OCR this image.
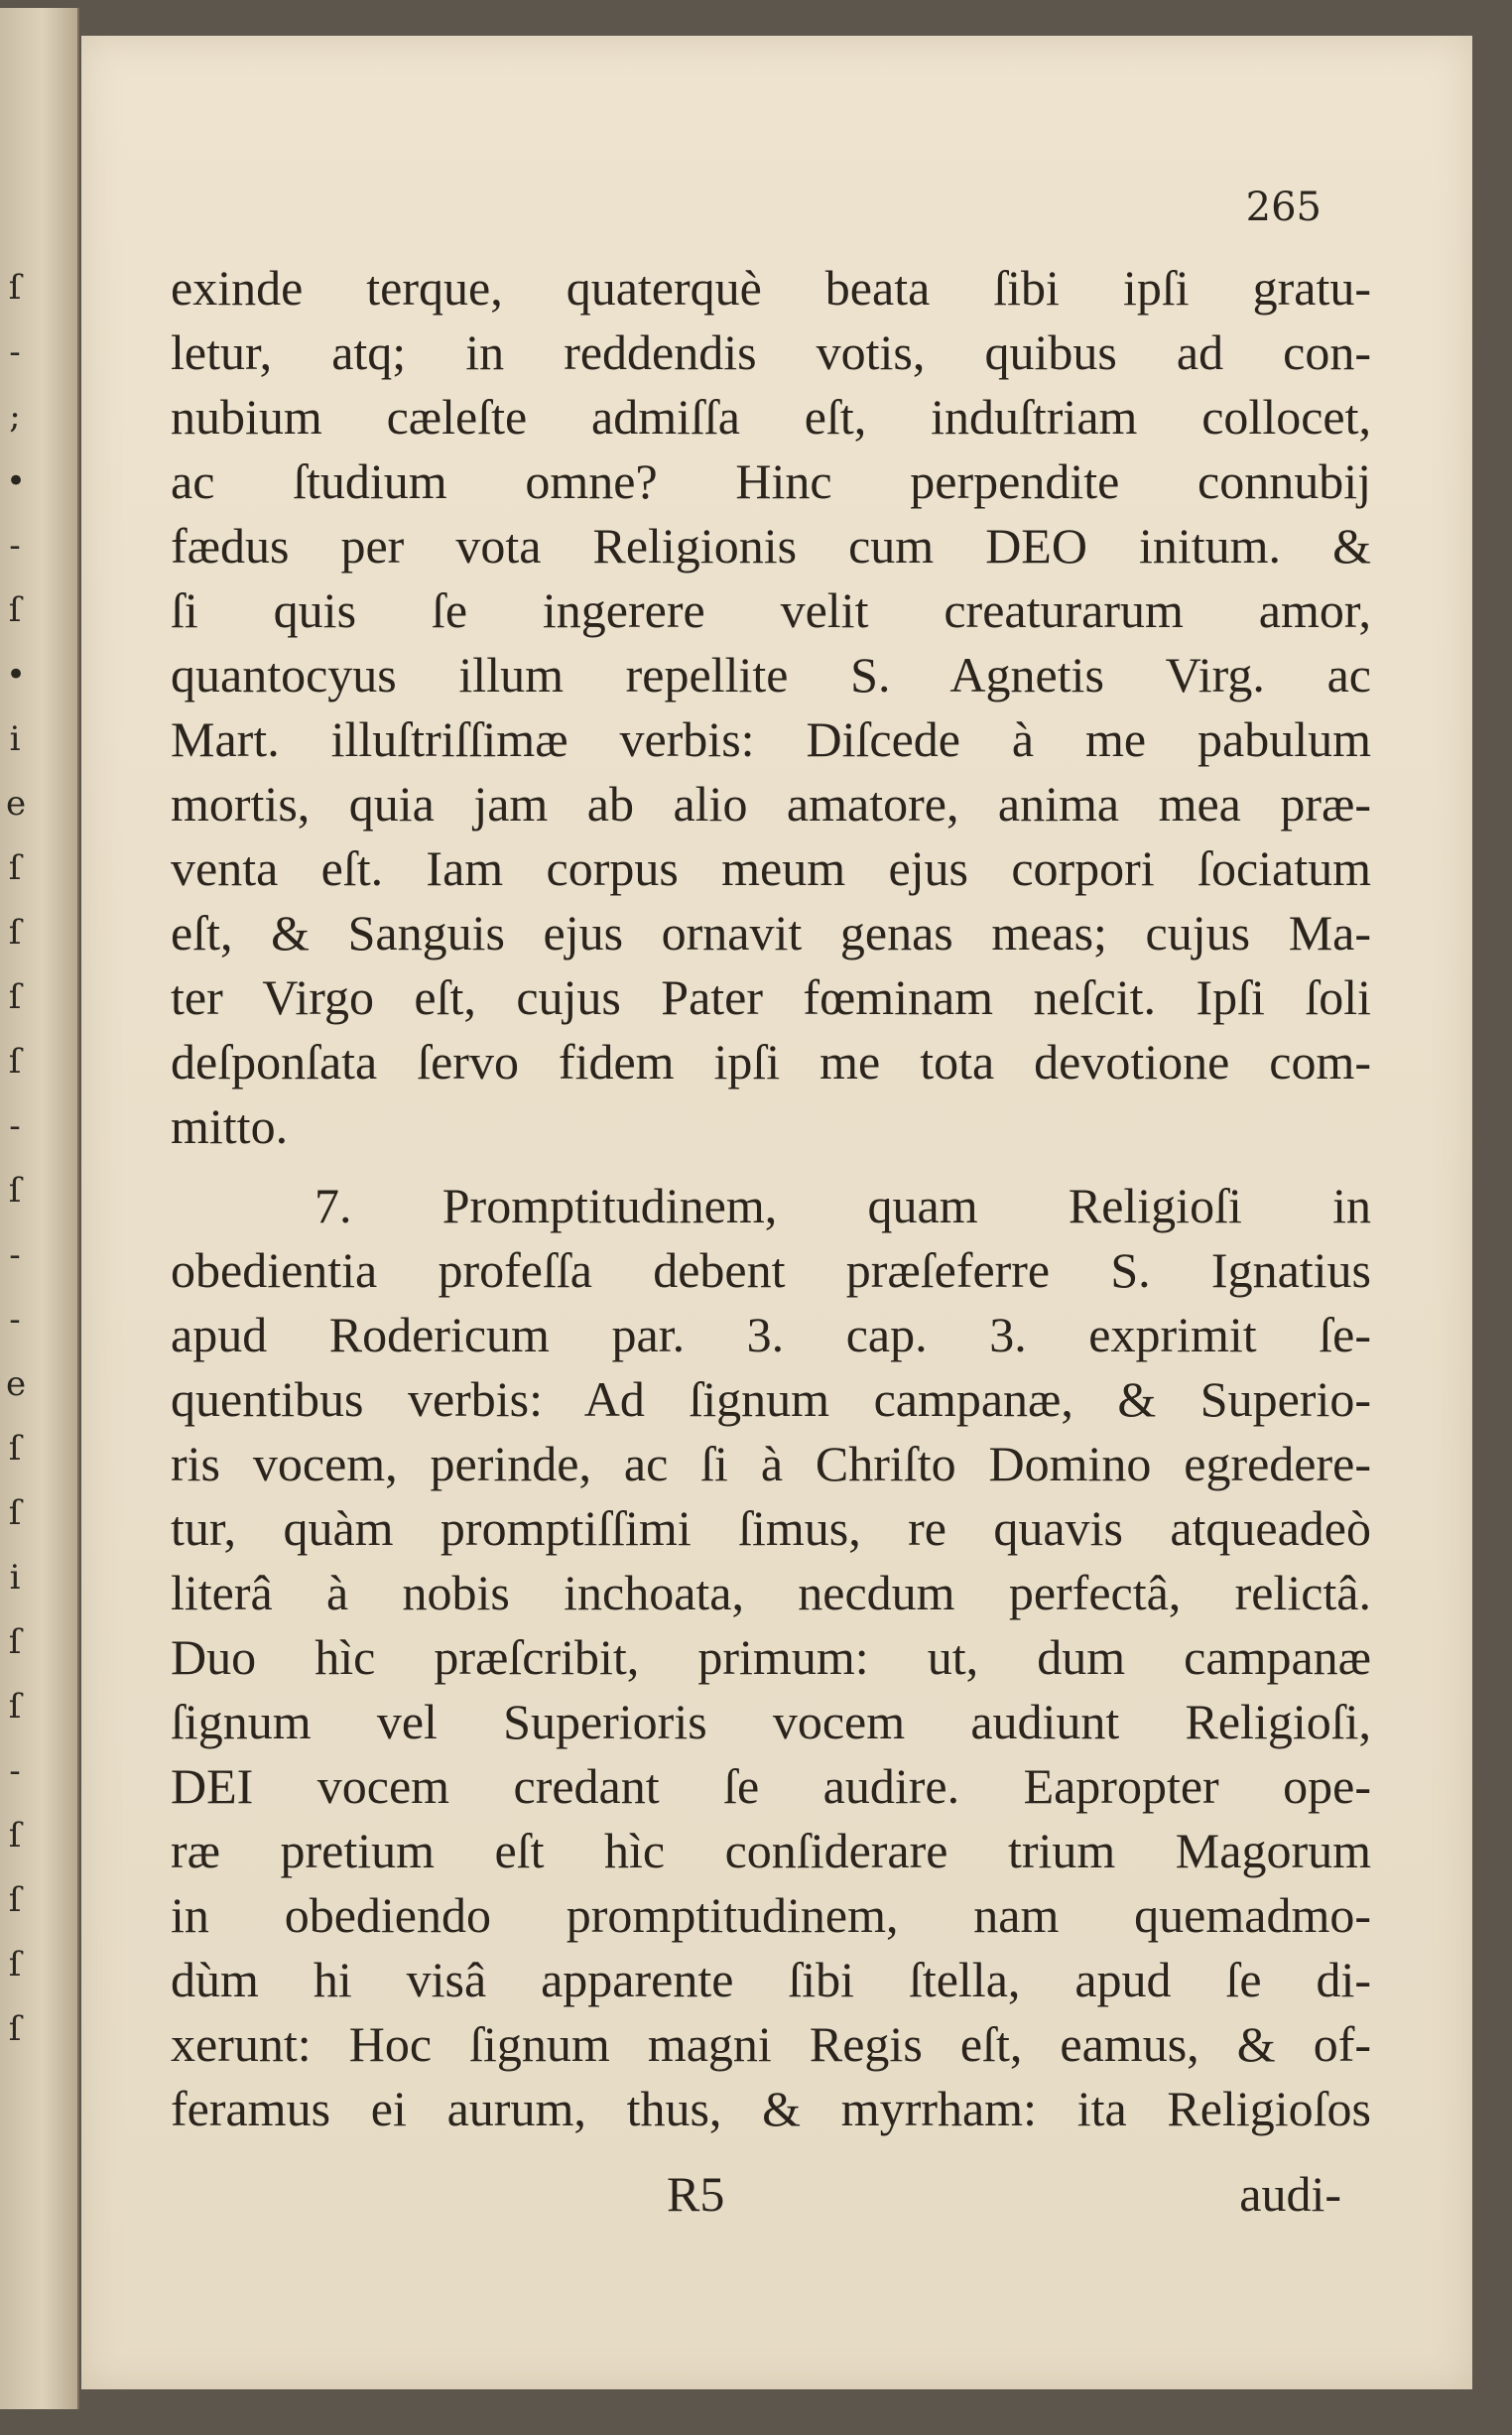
ſ
-
;
•
-
ſ
•
i
e
ſ
ſ
ſ
ſ
-
ſ
-
-
e
ſ
ſ
i
ſ
ſ
-
ſ
ſ
ſ
ſ
265
exinde terque, quaterquè beata ſibi ipſi gratu-
letur, atq; in reddendis votis, quibus ad con-
nubium cæleſte admiſſa eſt, induſtriam collocet,
ac ſtudium omne? Hinc perpendite connubij
fædus per vota Religionis cum DEO initum. &
ſi quis ſe ingerere velit creaturarum amor,
quantocyus illum repellite S. Agnetis Virg. ac
Mart. illuſtriſſimæ verbis: Diſcede à me pabulum
mortis, quia jam ab alio amatore, anima mea præ-
venta eſt. Iam corpus meum ejus corpori ſociatum
eſt, & Sanguis ejus ornavit genas meas; cujus Ma-
ter Virgo eſt, cujus Pater fœminam neſcit. Ipſi ſoli
deſponſata ſervo fidem ipſi me tota devotione com-
mitto.
7. Promptitudinem, quam Religioſi in
obedientia profeſſa debent præſeferre S. Ignatius
apud Rodericum par. 3. cap. 3. exprimit ſe-
quentibus verbis: Ad ſignum campanæ, & Superio-
ris vocem, perinde, ac ſi à Chriſto Domino egredere-
tur, quàm promptiſſimi ſimus, re quavis atqueadeò
literâ à nobis inchoata, necdum perfectâ, relictâ.
Duo hìc præſcribit, primum: ut, dum campanæ
ſignum vel Superioris vocem audiunt Religioſi,
DEI vocem credant ſe audire. Eapropter ope-
ræ pretium eſt hìc conſiderare trium Magorum
in obediendo promptitudinem, nam quemadmo-
dùm hi visâ apparente ſibi ſtella, apud ſe di-
xerunt: Hoc ſignum magni Regis eſt, eamus, & of-
feramus ei aurum, thus, & myrrham: ita Religioſos
R5	audi-
